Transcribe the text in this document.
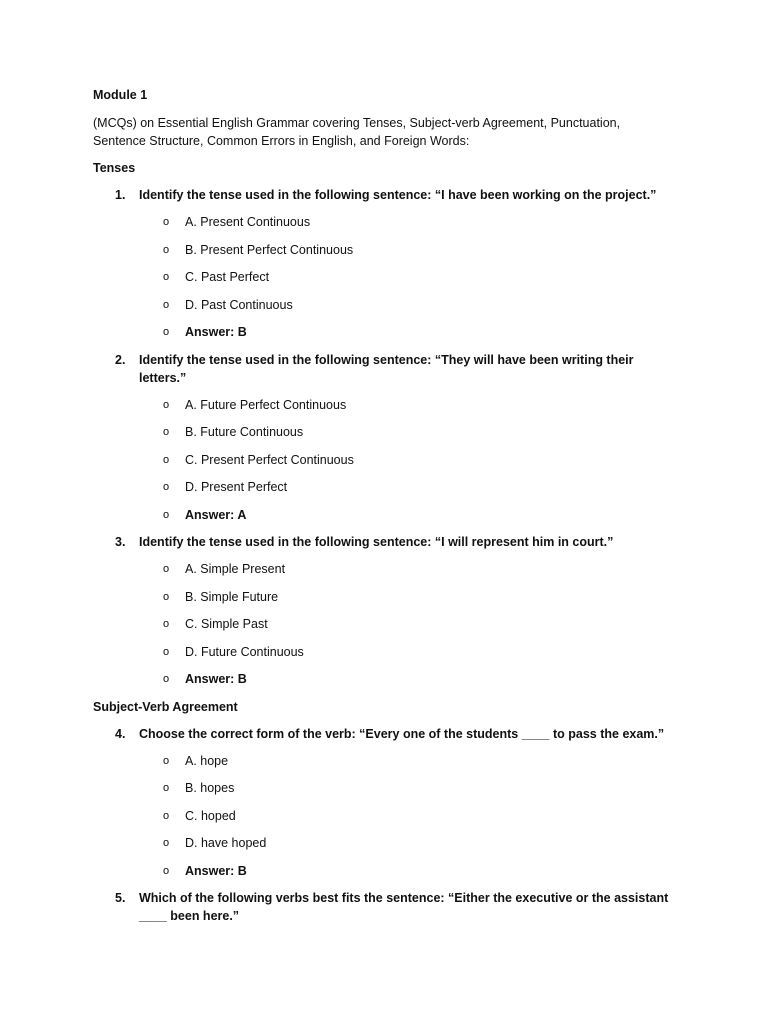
Module 1

(MCQs) on Essential English Grammar covering Tenses, Subject-verb Agreement, Punctuation, Sentence Structure, Common Errors in English, and Foreign Words:

Tenses
1. Identify the tense used in the following sentence: “I have been working on the project.”
o A. Present Continuous
o B. Present Perfect Continuous
o C. Past Perfect
o D. Past Continuous
o Answer: B
2. Identify the tense used in the following sentence: “They will have been writing their letters.”
o A. Future Perfect Continuous
o B. Future Continuous
o C. Present Perfect Continuous
o D. Present Perfect
o Answer: A
3. Identify the tense used in the following sentence: “I will represent him in court.”
o A. Simple Present
o B. Simple Future
o C. Simple Past
o D. Future Continuous
o Answer: B
Subject-Verb Agreement
4. Choose the correct form of the verb: “Every one of the students ____ to pass the exam.”
o A. hope
o B. hopes
o C. hoped
o D. have hoped
o Answer: B
5. Which of the following verbs best fits the sentence: “Either the executive or the assistant ____ been here.”
